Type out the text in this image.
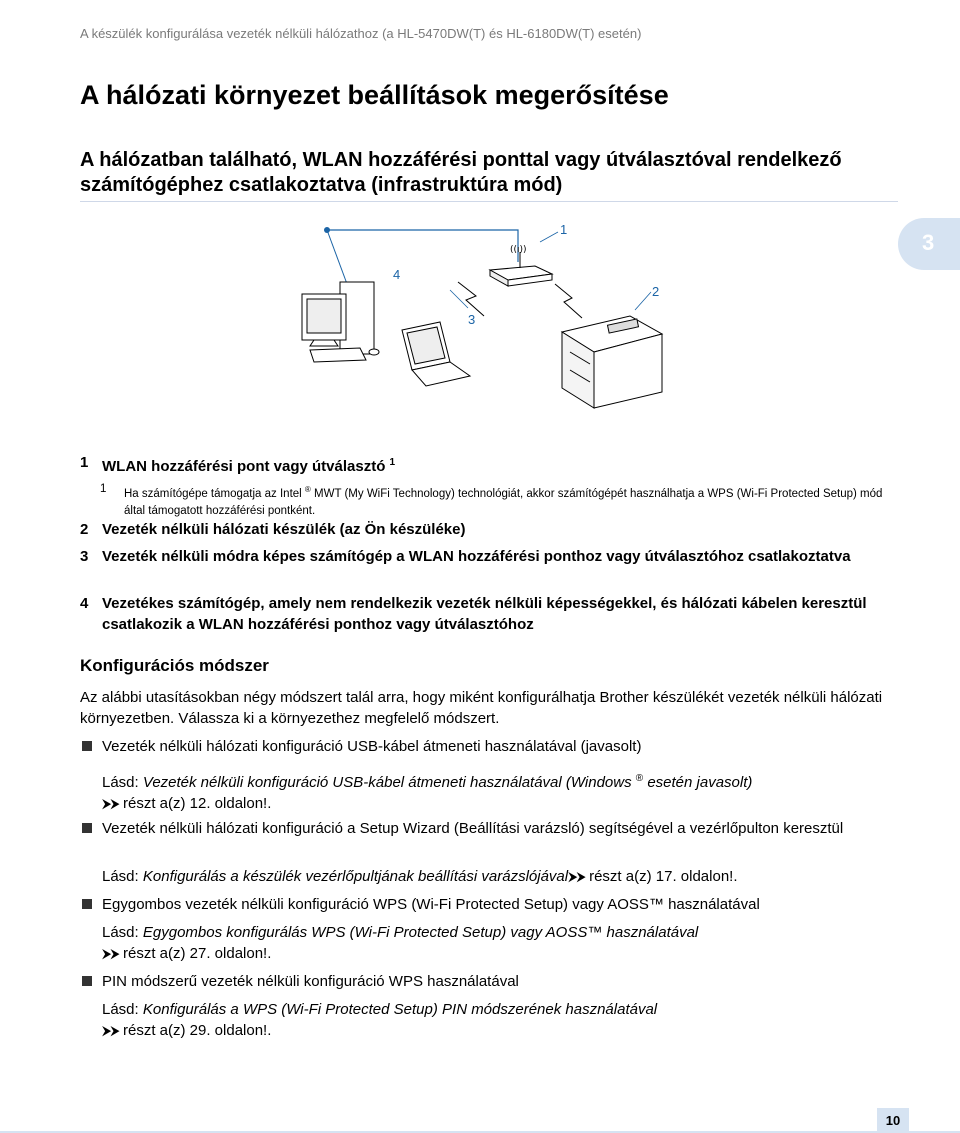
A készülék konfigurálása vezeték nélküli hálózathoz (a HL-5470DW(T) és HL-6180DW(T) esetén)
3
A hálózati környezet beállítások megerősítése
A hálózatban található, WLAN hozzáférési ponttal vagy útválasztóval rendelkező számítógéphez csatlakoztatva (infrastruktúra mód)
((ı))
1
2
3
4
1 WLAN hozzáférési pont vagy útválasztó $^1$
1 Ha számítógépe támogatja az Intel ® MWT (My WiFi Technology) technológiát, akkor számítógépét használhatja a WPS (Wi-Fi Protected Setup) mód által támogatott hozzáférési pontként.
2 Vezeték nélküli hálózati készülék (az Ön készüléke)
3 Vezeték nélküli módra képes számítógép a WLAN hozzáférési ponthoz vagy útválasztóhoz csatlakoztatva
4 Vezetékes számítógép, amely nem rendelkezik vezeték nélküli képességekkel, és hálózati kábelen keresztül csatlakozik a WLAN hozzáférési ponthoz vagy útválasztóhoz
Konfigurációs módszer
Az alábbi utasításokban négy módszert talál arra, hogy miként konfigurálhatja Brother készülékét vezeték nélküli hálózati környezetben. Válassza ki a környezethez megfelelő módszert.
Vezeték nélküli hálózati konfiguráció USB-kábel átmeneti használatával (javasolt)
Lásd: Vezeték nélküli konfiguráció USB-kábel átmeneti használatával (Windows ® esetén javasolt)
⮞⮞ részt a(z) 12. oldalon!.
Vezeték nélküli hálózati konfiguráció a Setup Wizard (Beállítási varázsló) segítségével a vezérlőpulton keresztül
Lásd: Konfigurálás a készülék vezérlőpultjának beállítási varázslójával⮞⮞ részt a(z) 17. oldalon!.
Egygombos vezeték nélküli konfiguráció WPS (Wi-Fi Protected Setup) vagy AOSS™ használatával
Lásd: Egygombos konfigurálás WPS (Wi-Fi Protected Setup) vagy AOSS™ használatával
⮞⮞ részt a(z) 27. oldalon!.
PIN módszerű vezeték nélküli konfiguráció WPS használatával
Lásd: Konfigurálás a WPS (Wi-Fi Protected Setup) PIN módszerének használatával
⮞⮞ részt a(z) 29. oldalon!.
10
